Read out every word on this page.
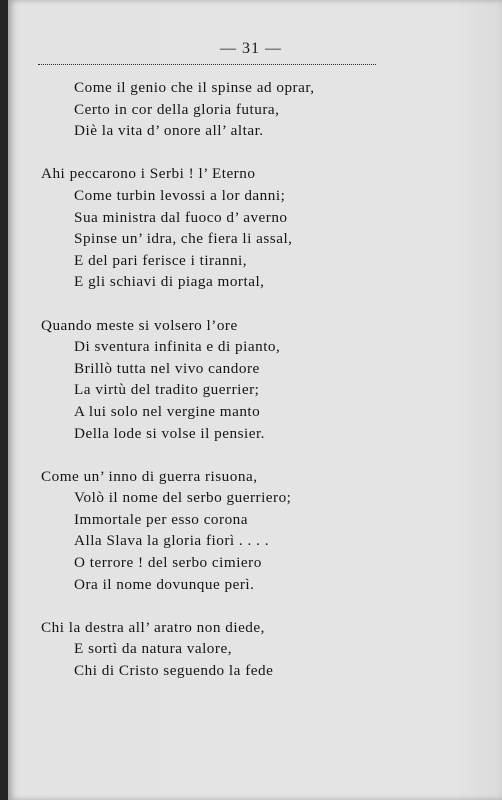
— 31 —
Come il genio che il spinse ad oprar,
Certo in cor della gloria futura,
Diè la vita d’ onore all’ altar.
Ahi peccarono i Serbi ! l’ Eterno
Come turbin levossi a lor danni;
Sua ministra dal fuoco d’ averno
Spinse un’ idra, che fiera li assal,
E del pari ferisce i tiranni,
E gli schiavi di piaga mortal,
Quando meste si volsero l’ore
Di sventura infinita e di pianto,
Brillò tutta nel vivo candore
La virtù del tradito guerrier;
A lui solo nel vergine manto
Della lode si volse il pensier.
Come un’ inno di guerra risuona,
Volò il nome del serbo guerriero;
Immortale per esso corona
Alla Slava la gloria fiorì . . . .
O terrore ! del serbo cimiero
Ora il nome dovunque perì.
Chi la destra all’ aratro non diede,
E sortì da natura valore,
Chi di Cristo seguendo la fede
